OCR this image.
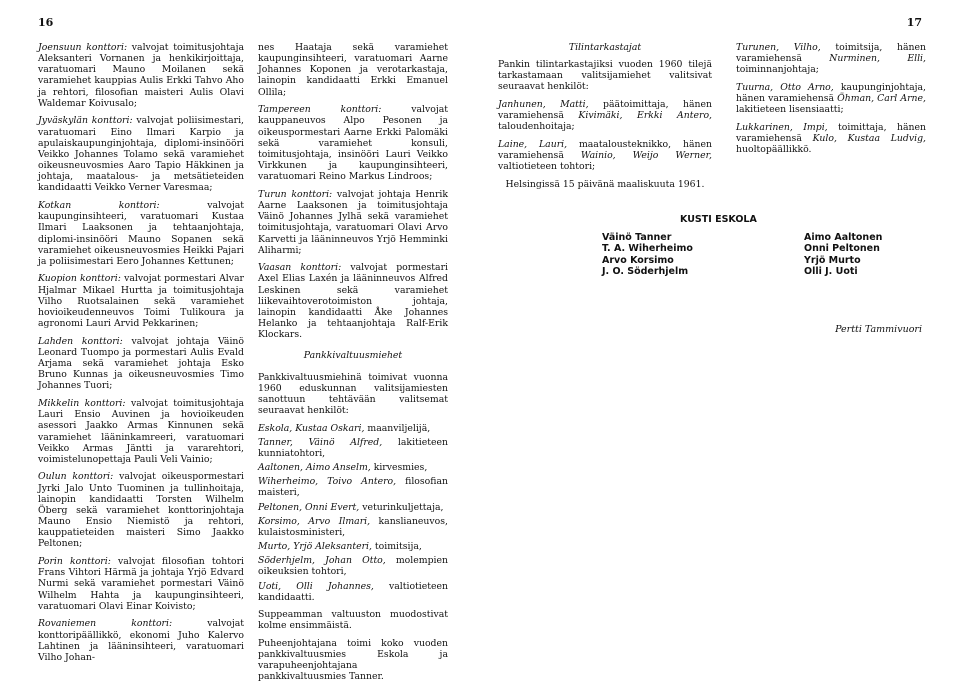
16

Joensuun konttori: valvojat toimitusjohtaja Aleksanteri Vornanen ja henkikirjoittaja, varatuomari Mauno Moilanen sekä varamiehet kauppias Aulis Erkki Tahvo Aho ja rehtori, filosofian maisteri Aulis Olavi Waldemar Koivusalo;

Jyväskylän konttori: valvojat poliisimestari, varatuomari Eino Ilmari Karpio ja apulaiskaupunginjohtaja, diplomi-insinööri Veikko Johannes Tolamo sekä varamiehet oikeusneuvosmies Aaro Tapio Häkkinen ja johtaja, maatalous- ja metsätieteiden kandidaatti Veikko Verner Varesmaa;

Kotkan konttori: valvojat kaupunginsihteeri, varatuomari Kustaa Ilmari Laaksonen ja tehtaanjohtaja, diplomi-insinööri Mauno Sopanen sekä varamiehet oikeusneuvosmies Heikki Pajari ja poliisimestari Eero Johannes Kettunen;

Kuopion konttori: valvojat pormestari Alvar Hjalmar Mikael Hurtta ja toimitusjohtaja Vilho Ruotsalainen sekä varamiehet hovioikeudenneuvos Toimi Tulikoura ja agronomi Lauri Arvid Pekkarinen;

Lahden konttori: valvojat johtaja Väinö Leonard Tuompo ja pormestari Aulis Evald Arjama sekä varamiehet johtaja Esko Bruno Kunnas ja oikeusneuvosmies Timo Johannes Tuori;

Mikkelin konttori: valvojat toimitusjohtaja Lauri Ensio Auvinen ja hovioikeuden asessori Jaakko Armas Kinnunen sekä varamiehet lääninkamreeri, varatuomari Veikko Armas Jäntti ja vararehtori, voimistelunopettaja Pauli Veli Vainio;

Oulun konttori: valvojat oikeuspormestari Jyrki Jalo Unto Tuominen ja tullinhoitaja, lainopin kandidaatti Torsten Wilhelm Öberg sekä varamiehet konttorinjohtaja Mauno Ensio Niemistö ja rehtori, kauppatieteiden maisteri Simo Jaakko Peltonen;

Porin konttori: valvojat filosofian tohtori Frans Vihtori Härmä ja johtaja Yrjö Edvard Nurmi sekä varamiehet pormestari Väinö Wilhelm Hahta ja kaupunginsihteeri, varatuomari Olavi Einar Koivisto;

Rovaniemen konttori: valvojat konttoripäällikkö, ekonomi Juho Kalervo Lahtinen ja lääninsihteeri, varatuomari Vilho Johan-

nes Haataja sekä varamiehet kaupunginsihteeri, varatuomari Aarne Johannes Koponen ja verotarkastaja, lainopin kandidaatti Erkki Emanuel Ollila;

Tampereen konttori: valvojat kauppaneuvos Alpo Pesonen ja oikeuspormestari Aarne Erkki Palomäki sekä varamiehet konsuli, toimitusjohtaja, insinööri Lauri Veikko Virkkunen ja kaupunginsihteeri, varatuomari Reino Markus Lindroos;

Turun konttori: valvojat johtaja Henrik Aarne Laaksonen ja toimitusjohtaja Väinö Johannes Jylhä sekä varamiehet toimitusjohtaja, varatuomari Olavi Arvo Karvetti ja lääninneuvos Yrjö Hemminki Aliharmi;

Vaasan konttori: valvojat pormestari Axel Elias Laxén ja lääninneuvos Alfred Leskinen sekä varamiehet liikevaihtoverotoimiston johtaja, lainopin kandidaatti Åke Johannes Helanko ja tehtaanjohtaja Ralf-Erik Klockars.

Pankkivaltuusmiehet

Pankkivaltuusmiehinä toimivat vuonna 1960 eduskunnan valitsijamiesten sanottuun tehtävään valitsemat seuraavat henkilöt:

Eskola, Kustaa Oskari, maanviljelijä,

Tanner, Väinö Alfred, lakitieteen kunniatohtori,

Aaltonen, Aimo Anselm, kirvesmies,

Wiherheimo, Toivo Antero, filosofian maisteri,

Peltonen, Onni Evert, veturinkuljettaja,

Korsimo, Arvo Ilmari, kanslianeuvos, kulaistosministeri,

Murto, Yrjö Aleksanteri, toimitsija,

Söderhjelm, Johan Otto, molempien oikeuksien tohtori,

Uoti, Olli Johannes, valtiotieteen kandidaatti.

Suppeamman valtuuston muodostivat kolme ensimmäistä.

Puheenjohtajana toimi koko vuoden pankkivaltuusmies Eskola ja varapuheenjohtajana pankkivaltuusmies Tanner.

17
Tilintarkastajat

Pankin tilintarkastajiksi vuoden 1960 tilejä tarkastamaan valitsijamiehet valitsivat seuraavat henkilöt:

Janhunen, Matti, päätoimittaja, hänen varamiehensä Kivimäki, Erkki Antero, taloudenhoitaja;

Laine, Lauri, maatalousteknikko, hänen varamiehensä Wainio, Weijo Werner, valtiotieteen tohtori;

Helsingissä 15 päivänä maaliskuuta 1961.

Turunen, Vilho, toimitsija, hänen varamiehensä Nurminen, Elli, toiminnanjohtaja;

Tuurna, Otto Arno, kaupunginjohtaja, hänen varamiehensä Öhman, Carl Arne, lakitieteen lisensiaatti;

Lukkarinen, Impi, toimittaja, hänen varamiehensä Kulo, Kustaa Ludvig, huoltopäällikkö.

KUSTI ESKOLA
Väinö Tanner
T. A. Wiherheimo
Arvo Korsimo
J. O. Söderhjelm
Aimo Aaltonen
Onni Peltonen
Yrjö Murto
Olli J. Uoti
Pertti Tammivuori
